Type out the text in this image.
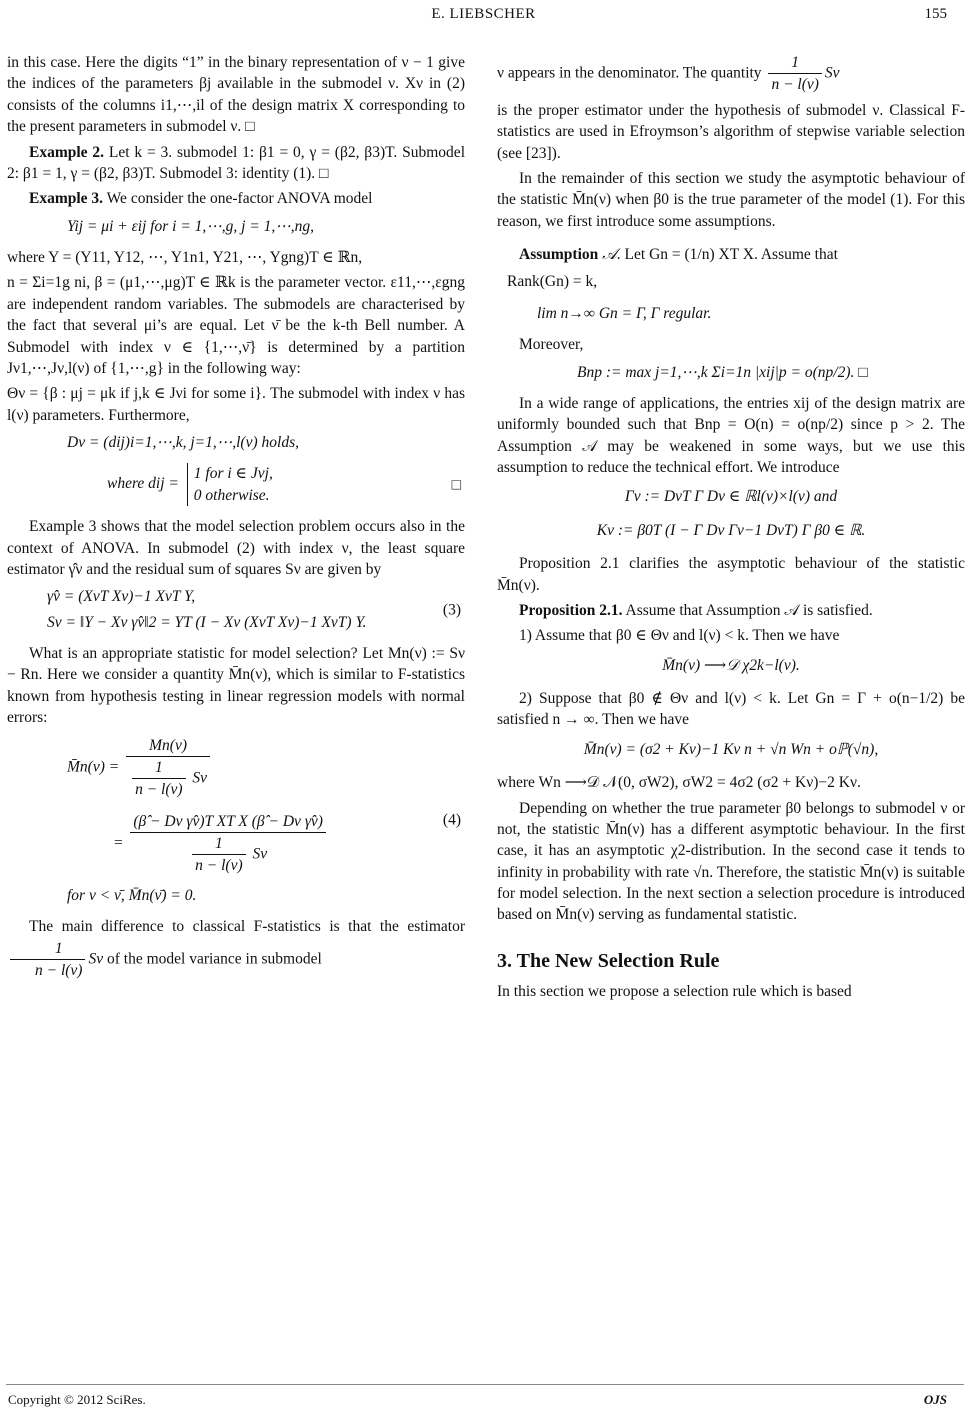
E. LIEBSCHER	155

in this case. Here the digits “1” in the binary representation of ν − 1 give the indices of the parameters βj available in the submodel ν. Xν in (2) consists of the columns i1,⋯,il of the design matrix X corresponding to the present parameters in submodel ν. □

Example 2. Let k = 3. submodel 1: β1 = 0, γ = (β2, β3)T. Submodel 2: β1 = 1, γ = (β2, β3)T. Submodel 3: identity (1). □

Example 3. We consider the one-factor ANOVA model

Yij = μi + εij for i = 1,⋯,g, j = 1,⋯,ng,

where Y = (Y11, Y12, ⋯, Y1n1, Y21, ⋯, Ygng)T ∈ ℝn,

n = Σi=1g ni, β = (μ1,⋯,μg)T ∈ ℝk is the parameter vector. ε11,⋯,εgng are independent random variables. The submodels are characterised by the fact that several μi’s are equal. Let ν̄ be the k-th Bell number. A Submodel with index ν ∈ {1,⋯,ν̄} is determined by a partition Jν1,⋯,Jν,l(ν) of {1,⋯,g} in the following way:

Θν = {β : μj = μk if j,k ∈ Jνi for some i}. The submodel with index ν has l(ν) parameters. Furthermore,

Dν = (dij)i=1,⋯,k, j=1,⋯,l(ν) holds,
where dij =
1 for i ∈ Jνj,
0 otherwise.
□

Example 3 shows that the model selection problem occurs also in the context of ANOVA. In submodel (2) with index ν, the least square estimator γ̂ν and the residual sum of squares Sν are given by

γ̂ν = (XνT Xν)−1 XνT Y,
Sν = ‖Y − Xν γ̂ν‖2 = YT (I − Xν (XνT Xν)−1 XνT) Y.
(3)

What is an appropriate statistic for model selection? Let Mn(ν) := Sν − Rn. Here we consider a quantity M̄n(ν), which is similar to F-statistics known from hypothesis testing in linear regression models with normal errors:

M̄n(ν) = $\frac{Mn(\nu)}{\frac{1}{n - l(\nu)} S\nu}$
= $\frac{\text{(β̂ − Dν γ̂ν)T XT X (β̂ − Dν γ̂ν)}}{\frac{1}{n - l(\nu)} S\nu}$
for ν < ν̄, M̄n(ν̄) = 0.
(4)

The main difference to classical F-statistics is that the estimator
$\frac{1}{n - l(\nu)}$ Sν of the model variance in submodel

ν appears in the denominator. The quantity $\frac{1}{n - l(\nu)}$ Sν

is the proper estimator under the hypothesis of submodel ν. Classical F-statistics are used in Efroymson’s algorithm of stepwise variable selection (see [23]).

In the remainder of this section we study the asymptotic behaviour of the statistic M̄n(ν) when β0 is the true parameter of the model (1). For this reason, we first introduce some assumptions.

Assumption 𝒜. Let Gn = (1/n) XT X. Assume that

Rank(Gn) = k,
lim n→∞ Gn = Γ, Γ regular.

Moreover,

Bnp := max j=1,⋯,k Σi=1n |xij|p = o(np/2). □

In a wide range of applications, the entries xij of the design matrix are uniformly bounded such that Bnp = O(n) = o(np/2) since p > 2. The Assumption 𝒜 may be weakened in some ways, but we use this assumption to reduce the technical effort. We introduce

Γν := DνT Γ Dν ∈ ℝl(ν)×l(ν) and
Kν := β0T (I − Γ Dν Γν−1 DνT) Γ β0 ∈ ℝ.

Proposition 2.1 clarifies the asymptotic behaviour of the statistic M̄n(ν).

Proposition 2.1. Assume that Assumption 𝒜 is satisfied.

1) Assume that β0 ∈ Θν and l(ν) < k. Then we have

M̄n(ν) ⟶𝒟 χ2k−l(ν).

2) Suppose that β0 ∉ Θν and l(ν) < k. Let Gn = Γ + o(n−1/2) be satisfied n → ∞. Then we have

M̄n(ν) = (σ2 + Kν)−1 Kν n + √n Wn + oℙ(√n),

where Wn ⟶𝒟 𝒩(0, σW2), σW2 = 4σ2 (σ2 + Kν)−2 Kν.

Depending on whether the true parameter β0 belongs to submodel ν or not, the statistic M̄n(ν) has a different asymptotic behaviour. In the first case, it has an asymptotic χ2-distribution. In the second case it tends to infinity in probability with rate √n. Therefore, the statistic M̄n(ν) is suitable for model selection. In the next section a selection procedure is introduced based on M̄n(ν) serving as fundamental statistic.

3. The New Selection Rule

In this section we propose a selection rule which is based

Copyright © 2012 SciRes.	OJS
